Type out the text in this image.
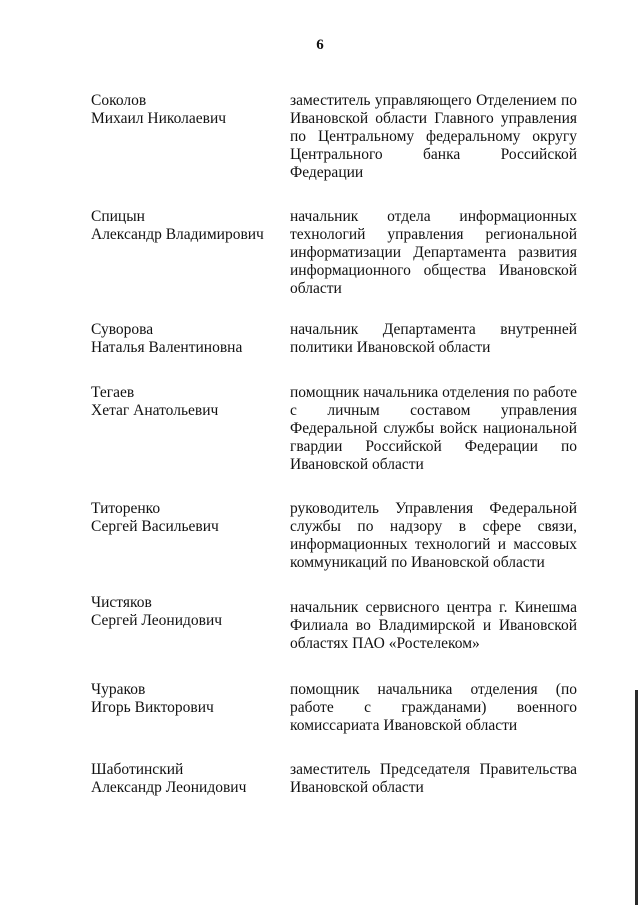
6
Соколов
Михаил Николаевич
заместитель управляющего Отделением по Ивановской области Главного управления по Центральному федеральному округу Центрального банка Российской Федерации
Спицын
Александр Владимирович
начальник отдела информационных технологий управления региональной информатизации Департамента развития информационного общества Ивановской области
Суворова
Наталья Валентиновна
начальник Департамента внутренней политики Ивановской области
Тегаев
Хетаг Анатольевич
помощник начальника отделения по работе с личным составом управления Федеральной службы войск национальной гвардии Российской Федерации по Ивановской области
Титоренко
Сергей Васильевич
руководитель Управления Федеральной службы по надзору в сфере связи, информационных технологий и массовых коммуникаций по Ивановской области
Чистяков
Сергей Леонидович
начальник сервисного центра г. Кинешма Филиала во Владимирской и Ивановской областях ПАО «Ростелеком»
Чураков
Игорь Викторович
помощник начальника отделения (по работе с гражданами) военного комиссариата Ивановской области
Шаботинский
Александр Леонидович
заместитель Председателя Правительства Ивановской области
